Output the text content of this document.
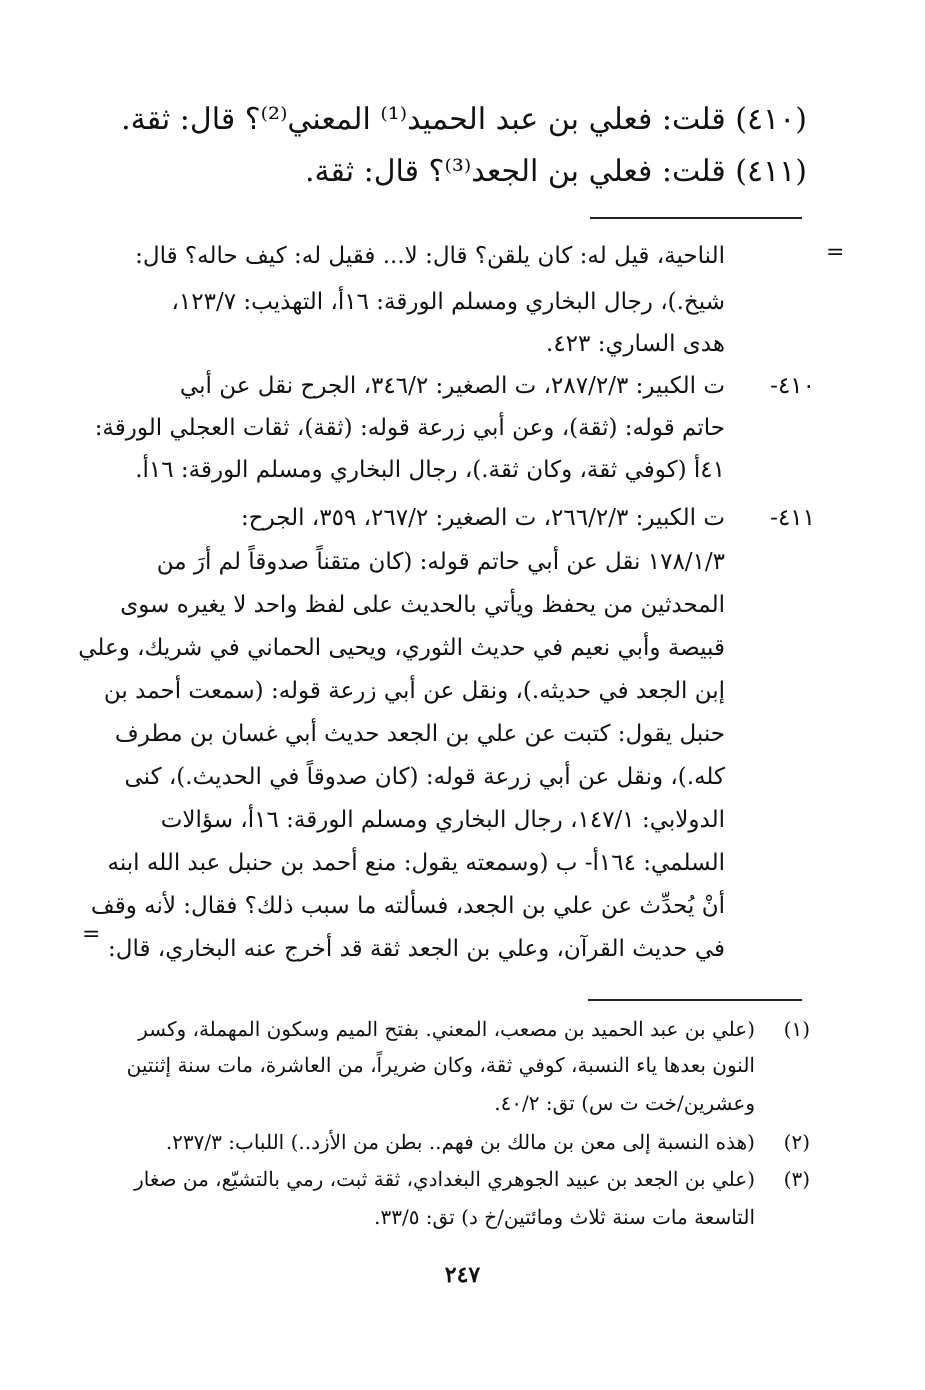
(٤١٠) قلت: فعلي بن عبد الحميد⁽¹⁾ المعني⁽²⁾؟ قال: ثقة.
(٤١١) قلت: فعلي بن الجعد⁽³⁾؟ قال: ثقة.
=
=
الناحية، قيل له: كان يلقن؟ قال: لا... فقيل له: كيف حاله؟ قال:
شيخ.)، رجال البخاري ومسلم الورقة: ١٦أ، التهذيب: ١٢٣/٧،
هدى الساري: ٤٢٣.
٤١٠-
ت الكبير: ٢٨٧/٢/٣، ت الصغير: ٣٤٦/٢، الجرح نقل عن أبي
حاتم قوله: (ثقة)، وعن أبي زرعة قوله: (ثقة)، ثقات العجلي الورقة:
٤١أ (كوفي ثقة، وكان ثقة.)، رجال البخاري ومسلم الورقة: ١٦أ.
٤١١-
ت الكبير: ٢٦٦/٢/٣، ت الصغير: ٢٦٧/٢، ٣٥٩، الجرح:
١٧٨/١/٣ نقل عن أبي حاتم قوله: (كان متقناً صدوقاً لم أرَ من
المحدثين من يحفظ ويأتي بالحديث على لفظ واحد لا يغيره سوى
قبيصة وأبي نعيم في حديث الثوري، ويحيى الحماني في شريك، وعلي
إبن الجعد في حديثه.)، ونقل عن أبي زرعة قوله: (سمعت أحمد بن
حنبل يقول: كتبت عن علي بن الجعد حديث أبي غسان بن مطرف
كله.)، ونقل عن أبي زرعة قوله: (كان صدوقاً في الحديث.)، كنى
الدولابي: ١٤٧/١، رجال البخاري ومسلم الورقة: ١٦أ، سؤالات
السلمي: ١٦٤أ- ب (وسمعته يقول: منع أحمد بن حنبل عبد الله ابنه
أنْ يُحدِّث عن علي بن الجعد، فسألته ما سبب ذلك؟ فقال: لأنه وقف
في حديث القرآن، وعلي بن الجعد ثقة قد أخرج عنه البخاري، قال:
(١)
(علي بن عبد الحميد بن مصعب، المعني. بفتح الميم وسكون المهملة، وكسر
النون بعدها ياء النسبة، كوفي ثقة، وكان ضريراً، من العاشرة، مات سنة إثنتين
وعشرين/خت ت س) تق: ٤٠/٢.
(٢)
(هذه النسبة إلى معن بن مالك بن فهم.. بطن من الأزد..) اللباب: ٢٣٧/٣.
(٣)
(علي بن الجعد بن عبيد الجوهري البغدادي، ثقة ثبت، رمي بالتشيّع، من صغار
التاسعة مات سنة ثلاث ومائتين/خ د) تق: ٣٣/٥.
٢٤٧
